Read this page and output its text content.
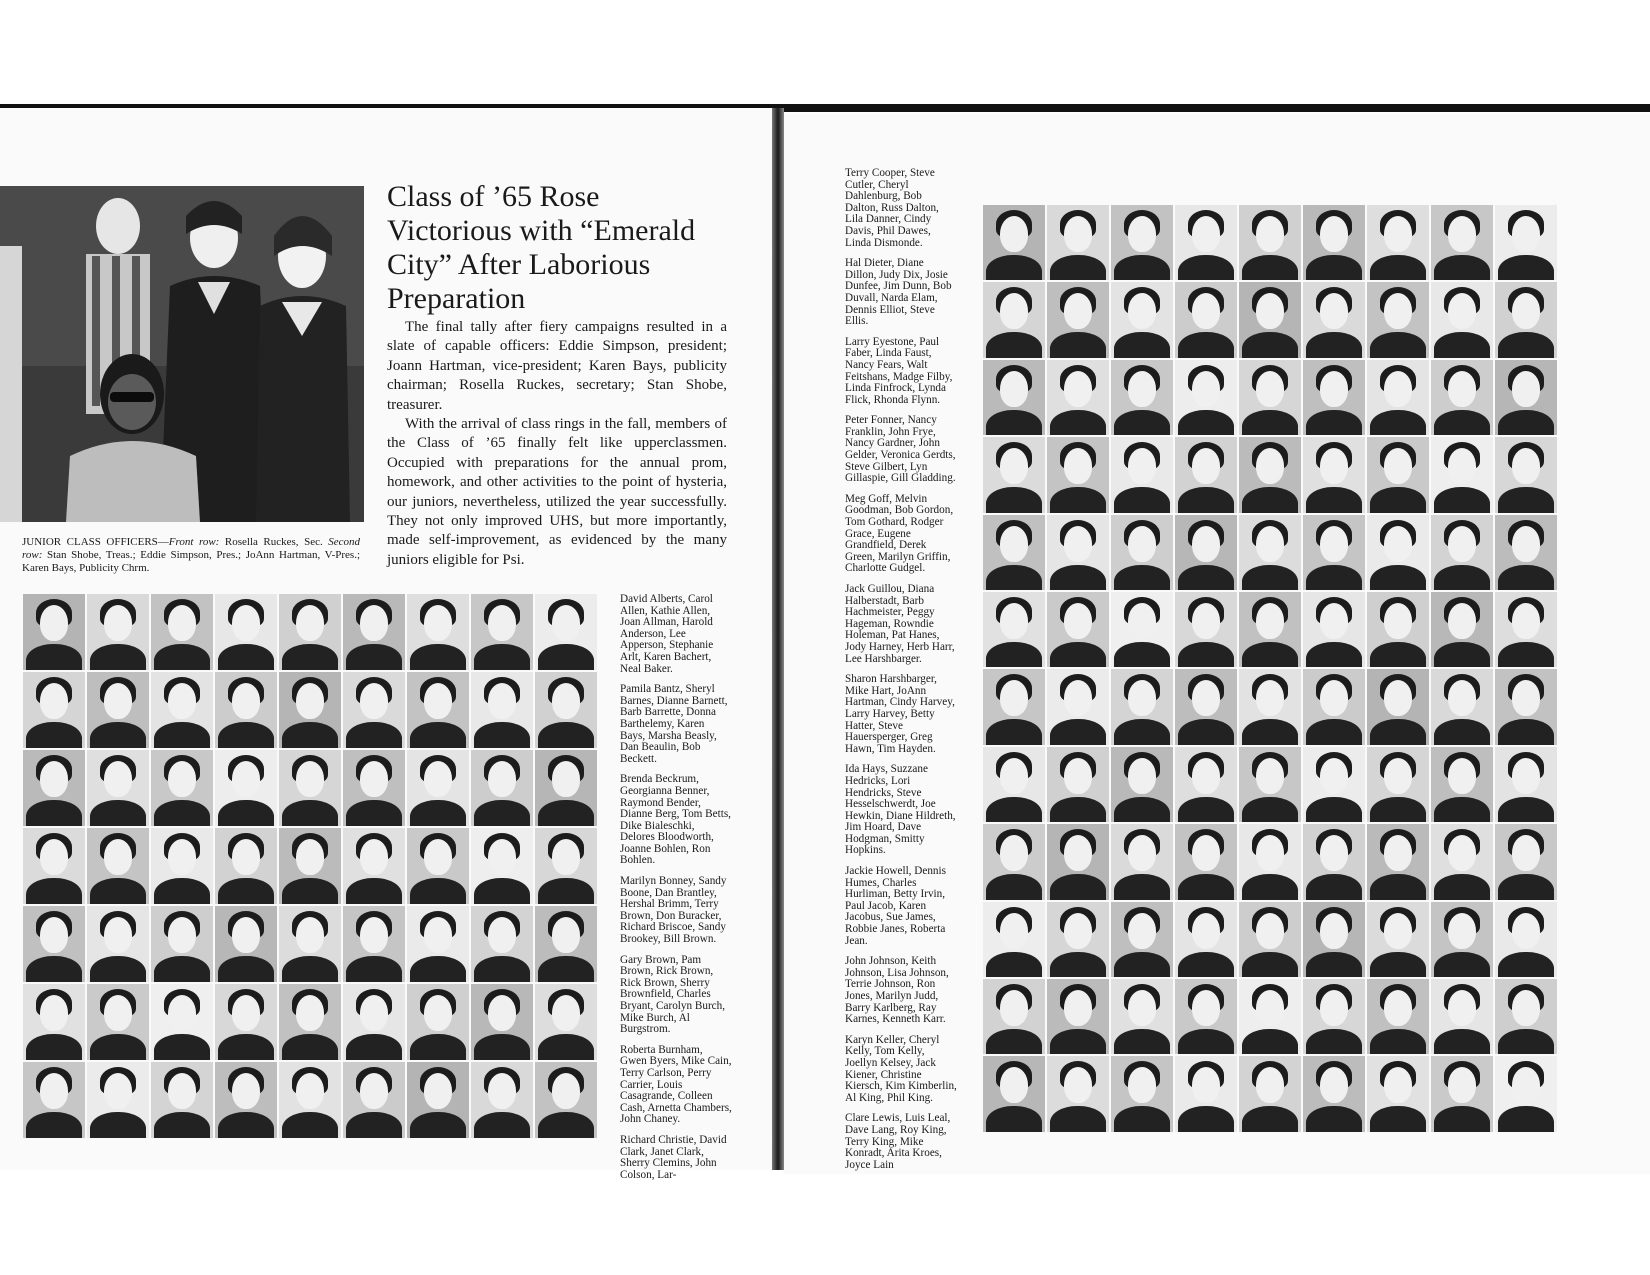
Class of ’65 Rose Victorious with “Emerald City” After Laborious Preparation

The final tally after fiery campaigns resulted in a slate of capable officers: Eddie Simpson, president; Joann Hartman, vice-president; Karen Bays, publicity chairman; Rosella Ruckes, secretary; Stan Shobe, treasurer.

With the arrival of class rings in the fall, members of the Class of ’65 finally felt like upperclassmen. Occupied with preparations for the annual prom, homework, and other activities to the point of hysteria, our juniors, nevertheless, utilized the year successfully. They not only improved UHS, but more importantly, made self-improvement, as evidenced by the many juniors eligible for Psi.

JUNIOR CLASS OFFICERS—Front row: Rosella Ruckes, Sec. Second row: Stan Shobe, Treas.; Eddie Simpson, Pres.; JoAnn Hartman, V-Pres.; Karen Bays, Publicity Chrm.

David Alberts, Carol Allen, Kathie Allen, Joan Allman, Harold Anderson, Lee Apperson, Stephanie Arlt, Karen Bachert, Neal Baker.

Pamila Bantz, Sheryl Barnes, Dianne Barnett, Barb Barrette, Donna Barthelemy, Karen Bays, Marsha Beasly, Dan Beaulin, Bob Beckett.

Brenda Beckrum, Georgianna Benner, Raymond Bender, Dianne Berg, Tom Betts, Dike Bialeschki, Delores Bloodworth, Joanne Bohlen, Ron Bohlen.

Marilyn Bonney, Sandy Boone, Dan Brantley, Hershal Brimm, Terry Brown, Don Buracker, Richard Briscoe, Sandy Brookey, Bill Brown.

Gary Brown, Pam Brown, Rick Brown, Rick Brown, Sherry Brownfield, Charles Bryant, Carolyn Burch, Mike Burch, Al Burgstrom.

Roberta Burnham, Gwen Byers, Mike Cain, Terry Carlson, Perry Carrier, Louis Casagrande, Colleen Cash, Arnetta Chambers, John Chaney.

Richard Christie, David Clark, Janet Clark, Sherry Clemins, John Colson, Lar-

Terry Cooper, Steve Cutler, Cheryl Dahlenburg, Bob Dalton, Russ Dalton, Lila Danner, Cindy Davis, Phil Dawes, Linda Dismonde.

Hal Dieter, Diane Dillon, Judy Dix, Josie Dunfee, Jim Dunn, Bob Duvall, Narda Elam, Dennis Elliot, Steve Ellis.

Larry Eyestone, Paul Faber, Linda Faust, Nancy Fears, Walt Feitshans, Madge Filby, Linda Finfrock, Lynda Flick, Rhonda Flynn.

Peter Fonner, Nancy Franklin, John Frye, Nancy Gardner, John Gelder, Veronica Gerdts, Steve Gilbert, Lyn Gillaspie, Gill Gladding.

Meg Goff, Melvin Goodman, Bob Gordon, Tom Gothard, Rodger Grace, Eugene Grandfield, Derek Green, Marilyn Griffin, Charlotte Gudgel.

Jack Guillou, Diana Halberstadt, Barb Hachmeister, Peggy Hageman, Rowndie Holeman, Pat Hanes, Jody Harney, Herb Harr, Lee Harshbarger.

Sharon Harshbarger, Mike Hart, JoAnn Hartman, Cindy Harvey, Larry Harvey, Betty Hatter, Steve Hauersperger, Greg Hawn, Tim Hayden.

Ida Hays, Suzzane Hedricks, Lori Hendricks, Steve Hesselschwerdt, Joe Hewkin, Diane Hildreth, Jim Hoard, Dave Hodgman, Smitty Hopkins.

Jackie Howell, Dennis Humes, Charles Hurliman, Betty Irvin, Paul Jacob, Karen Jacobus, Sue James, Robbie Janes, Roberta Jean.

John Johnson, Keith Johnson, Lisa Johnson, Terrie Johnson, Ron Jones, Marilyn Judd, Barry Karlberg, Ray Karnes, Kenneth Karr.

Karyn Keller, Cheryl Kelly, Tom Kelly, Joellyn Kelsey, Jack Kiener, Christine Kiersch, Kim Kimberlin, Al King, Phil King.

Clare Lewis, Luis Leal, Dave Lang, Roy King, Terry King, Mike Konradt, Arita Kroes, Joyce Lain
